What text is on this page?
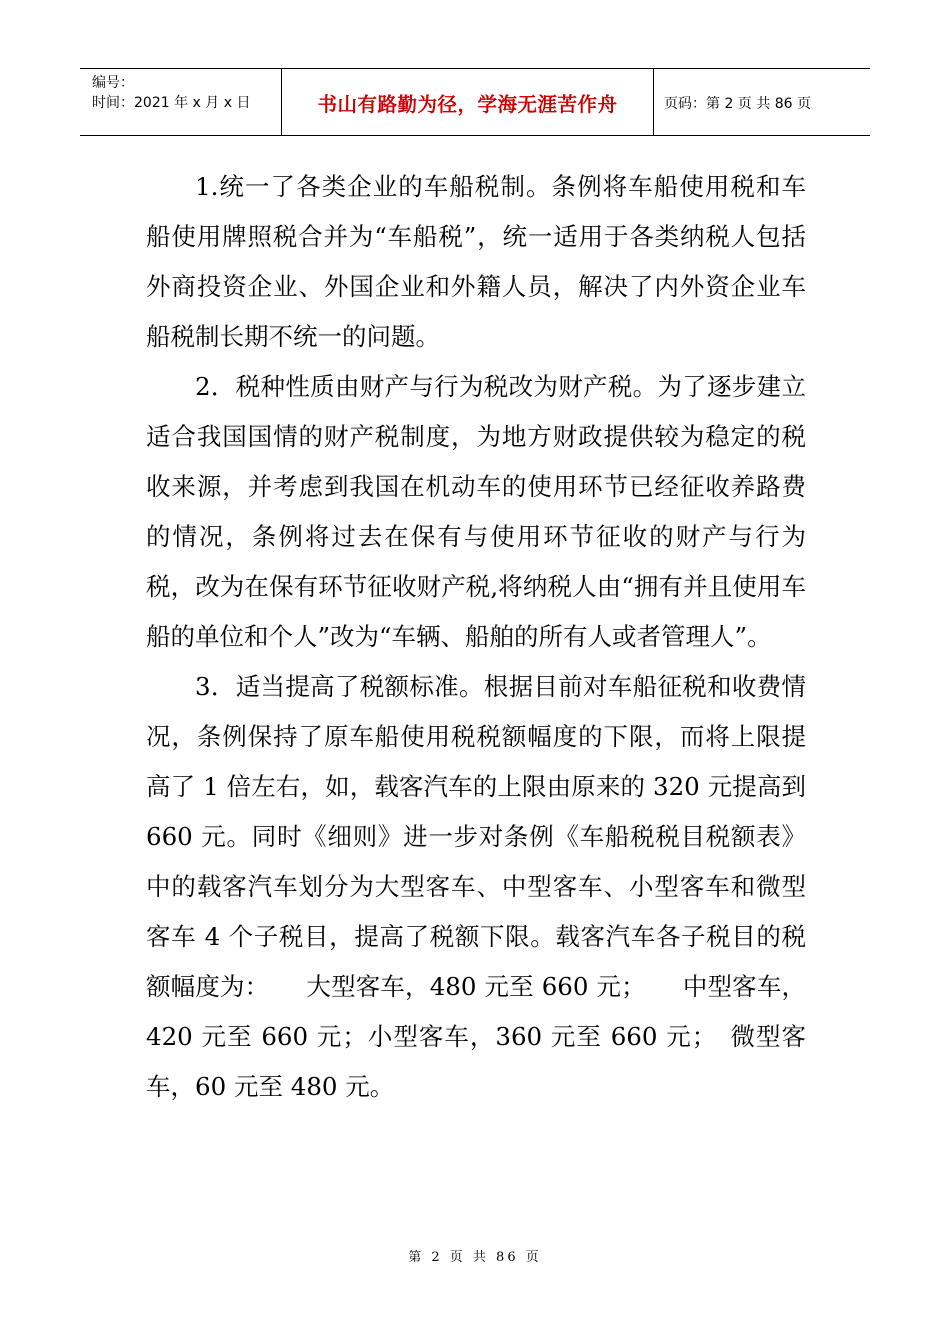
编号：
时间：2021 年 x 月 x 日	书山有路勤为径，学海无涯苦作舟	页码：第 2 页 共 86 页

1.统一了各类企业的车船税制。条例将车船使用税和车船使用牌照税合并为“车船税”，统一适用于各类纳税人包括外商投资企业、外国企业和外籍人员，解决了内外资企业车船税制长期不统一的问题。

2．税种性质由财产与行为税改为财产税。为了逐步建立适合我国国情的财产税制度，为地方财政提供较为稳定的税收来源，并考虑到我国在机动车的使用环节已经征收养路费的情况，条例将过去在保有与使用环节征收的财产与行为税，改为在保有环节征收财产税,将纳税人由“拥有并且使用车船的单位和个人”改为“车辆、船舶的所有人或者管理人”。

3．适当提高了税额标准。根据目前对车船征税和收费情况，条例保持了原车船使用税税额幅度的下限，而将上限提高了 1 倍左右，如，载客汽车的上限由原来的 320 元提高到 660 元。同时《细则》进一步对条例《车船税税目税额表》中的载客汽车划分为大型客车、中型客车、小型客车和微型客车 4 个子税目，提高了税额下限。载客汽车各子税目的税额幅度为：　　大型客车，480 元至 660 元；　　中型客车，420 元至 660 元；小型客车，360 元至 660 元；　微型客车，60 元至 480 元。

第 2 页 共 86 页
